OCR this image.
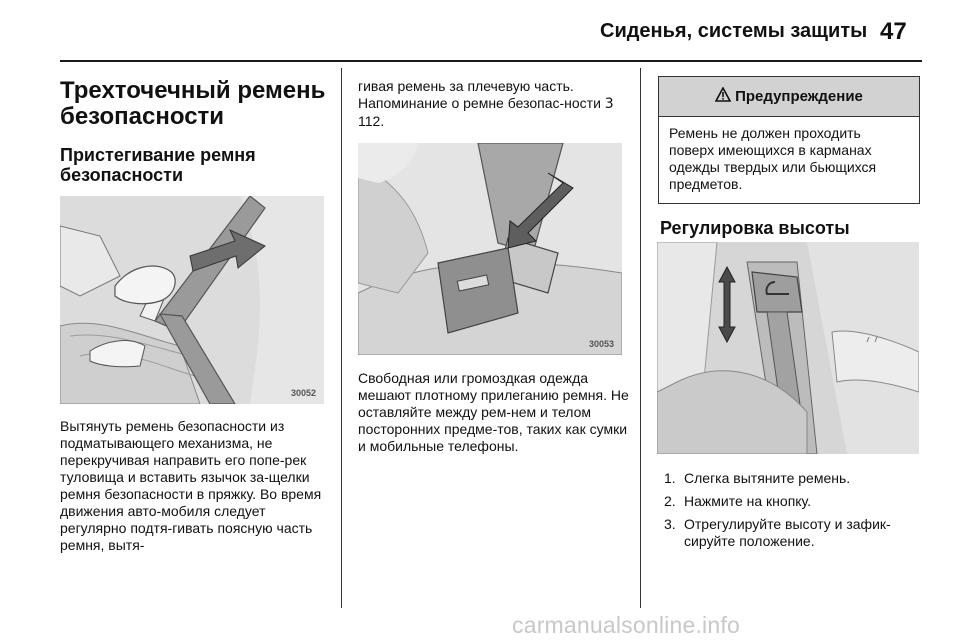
Сиденья, системы защиты 47
Трехточечный ремень безопасности
Пристегивание ремня безопасности
30052
Вытянуть ремень безопасности из подматывающего механизма, не перекручивая направить его попе-рек туловища и вставить язычок за-щелки ремня безопасности в пряжку. Во время движения авто-мобиля следует регулярно подтя-гивать поясную часть ремня, вытя-
гивая ремень за плечевую часть. Напоминание о ремне безопас-ности 3 112.
30053
Свободная или громоздкая одежда мешают плотному прилеганию ремня. Не оставляйте между рем-нем и телом посторонних предме-тов, таких как сумки и мобильные телефоны.
Предупреждение
Ремень не должен проходить поверх имеющихся в карманах одежды твердых или бьющихся предметов.
Регулировка высоты
1. Слегка вытяните ремень.
2. Нажмите на кнопку.
3. Отрегулируйте высоту и зафик-сируйте положение.
carmanualsonline.info
